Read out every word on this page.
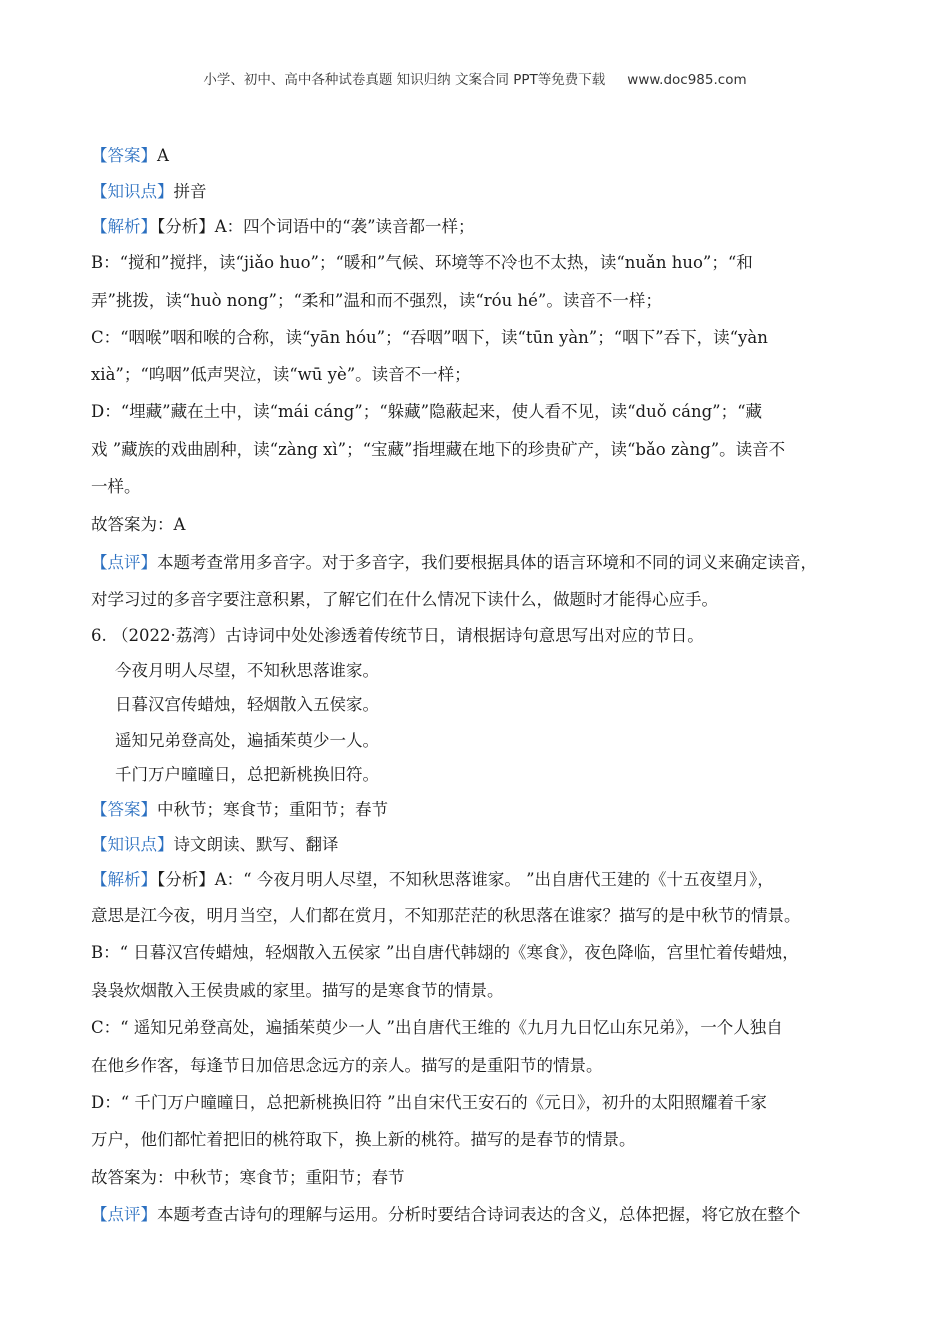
小学、初中、高中各种试卷真题 知识归纳 文案合同 PPT等免费下载 www.doc985.com
【答案】A
【知识点】拼音
【解析】【分析】A：四个词语中的“袭”读音都一样；
B：“搅和”搅拌，读“jiǎo huo”；“暖和”气候、环境等不冷也不太热，读“nuǎn huo”；“和
弄”挑拨，读“huò nong”；“柔和”温和而不强烈，读“róu hé”。读音不一样；
C：“咽喉”咽和喉的合称，读“yān hóu”；“吞咽”咽下，读“tūn yàn”；“咽下”吞下，读“yàn
xià”；“呜咽”低声哭泣，读“wū yè”。读音不一样；
D：“埋藏”藏在土中，读“mái cáng”；“躲藏”隐蔽起来，使人看不见，读“duǒ cáng”；“藏
戏 ”藏族的戏曲剧种，读“zàng xì”；“宝藏”指埋藏在地下的珍贵矿产，读“bǎo zàng”。读音不
一样。
故答案为：A
【点评】本题考查常用多音字。对于多音字，我们要根据具体的语言环境和不同的词义来确定读音，
对学习过的多音字要注意积累，了解它们在什么情况下读什么，做题时才能得心应手。
6. （2022·荔湾）古诗词中处处渗透着传统节日，请根据诗句意思写出对应的节日。
今夜月明人尽望，不知秋思落谁家。
日暮汉宫传蜡烛，轻烟散入五侯家。
遥知兄弟登高处，遍插茱萸少一人。
千门万户曈曈日，总把新桃换旧符。
【答案】中秋节；寒食节；重阳节；春节
【知识点】诗文朗读、默写、翻译
【解析】【分析】A：“ 今夜月明人尽望，不知秋思落谁家。 ”出自唐代王建的《十五夜望月》，
意思是江今夜，明月当空，人们都在赏月，不知那茫茫的秋思落在谁家？描写的是中秋节的情景。
B：“ 日暮汉宫传蜡烛，轻烟散入五侯家 ”出自唐代韩翃的《寒食》，夜色降临，宫里忙着传蜡烛，
袅袅炊烟散入王侯贵戚的家里。描写的是寒食节的情景。
C：“ 遥知兄弟登高处，遍插茱萸少一人 ”出自唐代王维的《九月九日忆山东兄弟》，一个人独自
在他乡作客，每逢节日加倍思念远方的亲人。描写的是重阳节的情景。
D：“ 千门万户曈曈日，总把新桃换旧符 ”出自宋代王安石的《元日》，初升的太阳照耀着千家
万户，他们都忙着把旧的桃符取下，换上新的桃符。描写的是春节的情景。
故答案为：中秋节；寒食节；重阳节；春节
【点评】本题考查古诗句的理解与运用。分析时要结合诗词表达的含义，总体把握，将它放在整个
